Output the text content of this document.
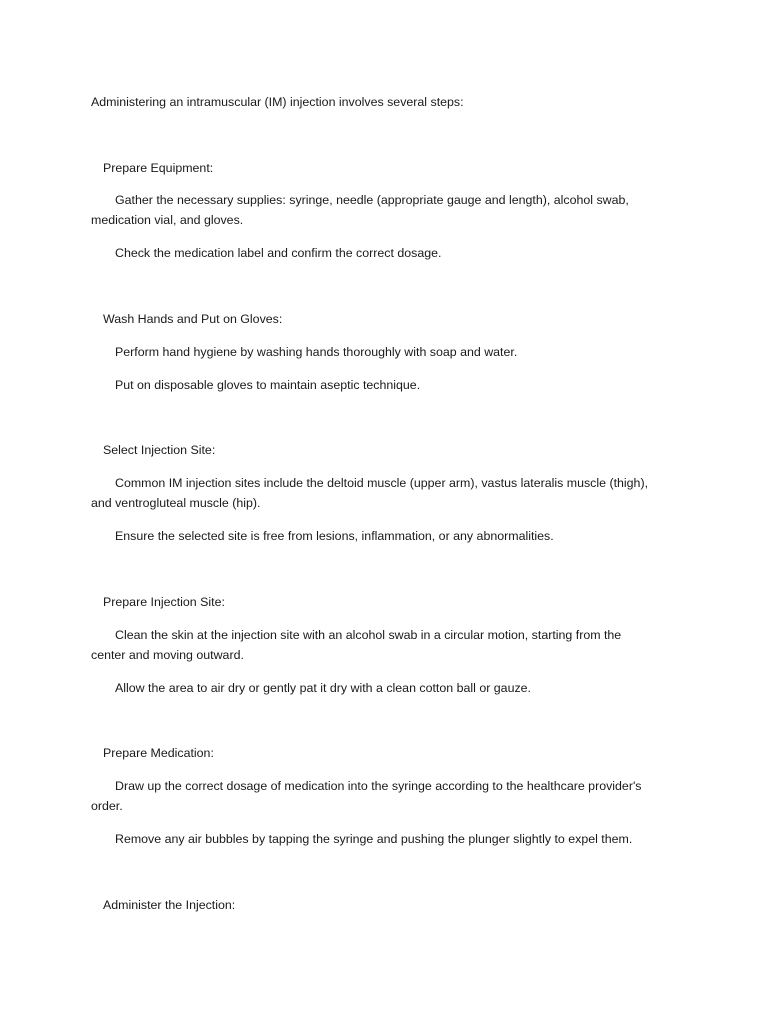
Administering an intramuscular (IM) injection involves several steps:

Prepare Equipment:

Gather the necessary supplies: syringe, needle (appropriate gauge and length), alcohol swab,

medication vial, and gloves.

Check the medication label and confirm the correct dosage.

Wash Hands and Put on Gloves:

Perform hand hygiene by washing hands thoroughly with soap and water.

Put on disposable gloves to maintain aseptic technique.

Select Injection Site:

Common IM injection sites include the deltoid muscle (upper arm), vastus lateralis muscle (thigh),

and ventrogluteal muscle (hip).

Ensure the selected site is free from lesions, inflammation, or any abnormalities.

Prepare Injection Site:

Clean the skin at the injection site with an alcohol swab in a circular motion, starting from the

center and moving outward.

Allow the area to air dry or gently pat it dry with a clean cotton ball or gauze.

Prepare Medication:

Draw up the correct dosage of medication into the syringe according to the healthcare provider's

order.

Remove any air bubbles by tapping the syringe and pushing the plunger slightly to expel them.

Administer the Injection:
